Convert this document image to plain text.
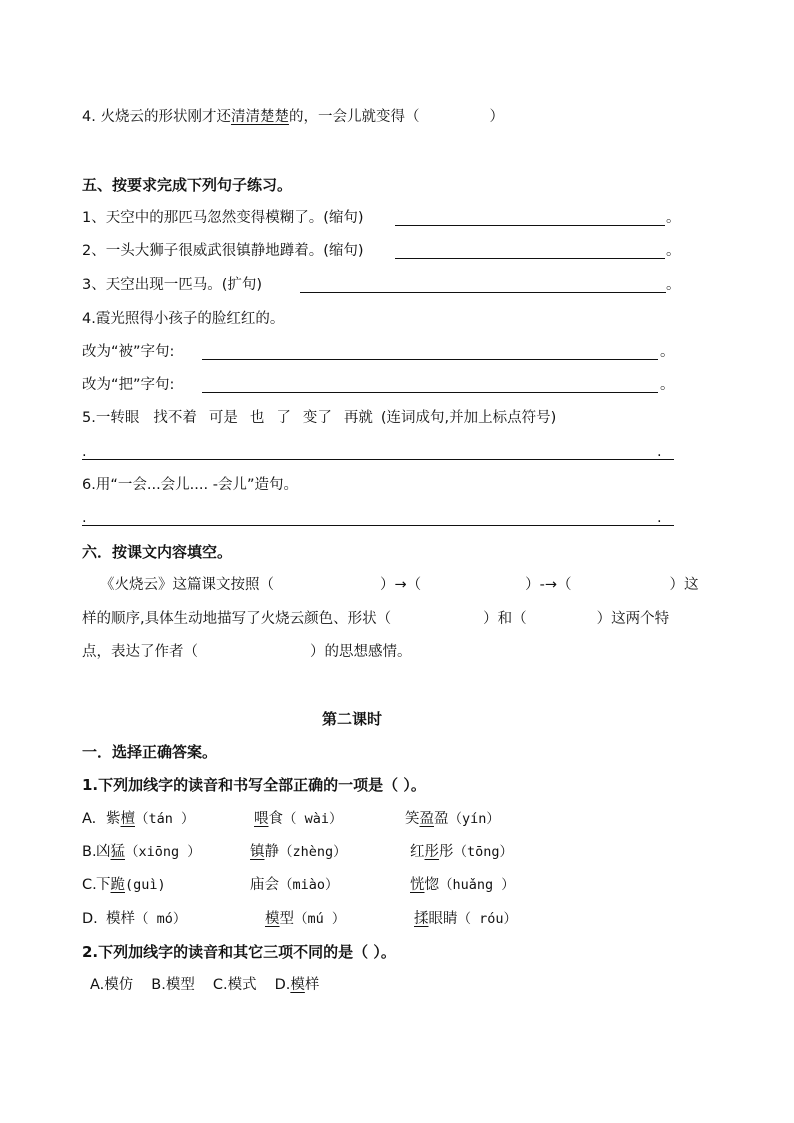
4. 火烧云的形状刚才还清清楚楚的，一会儿就变得（	）
五、按要求完成下列句子练习。
1、天空中的那匹马忽然变得模糊了。(缩句)	。
2、一头大狮子很威武很镇静地蹲着。(缩句)	。
3、天空出现一匹马。(扩句)	。
4.霞光照得小孩子的脸红红的。
改为“被”字句:	。
改为“把”字句:	。
5.一转眼 找不着 可是 也 了 变了 再就 (连词成句,并加上标点符号)
.	.
6.用“一会...会儿.... -会儿”造句。
.	.
六．按课文内容填空。
《火烧云》这篇课文按照（	）→（	）-→（	）这
样的顺序,具体生动地描写了火烧云颜色、形状（	）和（	）这两个特
点，表达了作者（	）的思想感情。
第二课时
一．选择正确答案。
1.下列加线字的读音和书写全部正确的一项是（ ）。
A. 紫檀（tán ）	喂食（ wài）	笑盈盈（yín）
B. 凶猛（xiōng ）	镇静（zhèng）	红彤彤（tōng）
C. 下跪(guì)	庙会（miào）	恍惚（huǎng ）
D. 模样（ mó）	模型（mú ）	揉眼睛（ róu）
2.下列加线字的读音和其它三项不同的是（ ）。
A.模仿 B.模型 C.模式 D.模样
